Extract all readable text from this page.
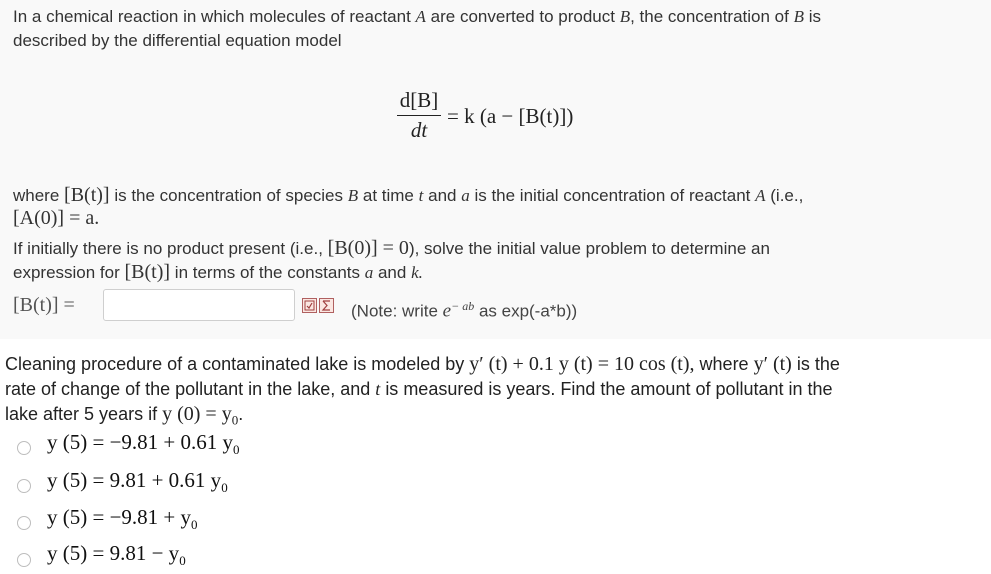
In a chemical reaction in which molecules of reactant A are converted to product B, the concentration of B is
described by the differential equation model
$\frac{d[B]}{dt} = k$ (a − [B(t)])
where [B(t)] is the concentration of species B at time t and a is the initial concentration of reactant A (i.e.,
[A(0)] = a.
If initially there is no product present (i.e., [B(0)] = 0), solve the initial value problem to determine an
expression for [B(t)] in terms of the constants a and k.
[B(t)] =	(Note: write $e^{- ab}$ as exp(-a*b))
Cleaning procedure of a contaminated lake is modeled by y′ (t) + 0.1 y (t) = 10 cos (t), where y′ (t) is the
rate of change of the pollutant in the lake, and t is measured is years. Find the amount of pollutant in the
lake after 5 years if y $(0) = y_0$.
y (5) = −9.81 + 0.61 $y_0$
y (5) = 9.81 + 0.61 $y_0$
y $(5) = -9.81 + y_0$
y $(5) = 9.81 - y_0$
